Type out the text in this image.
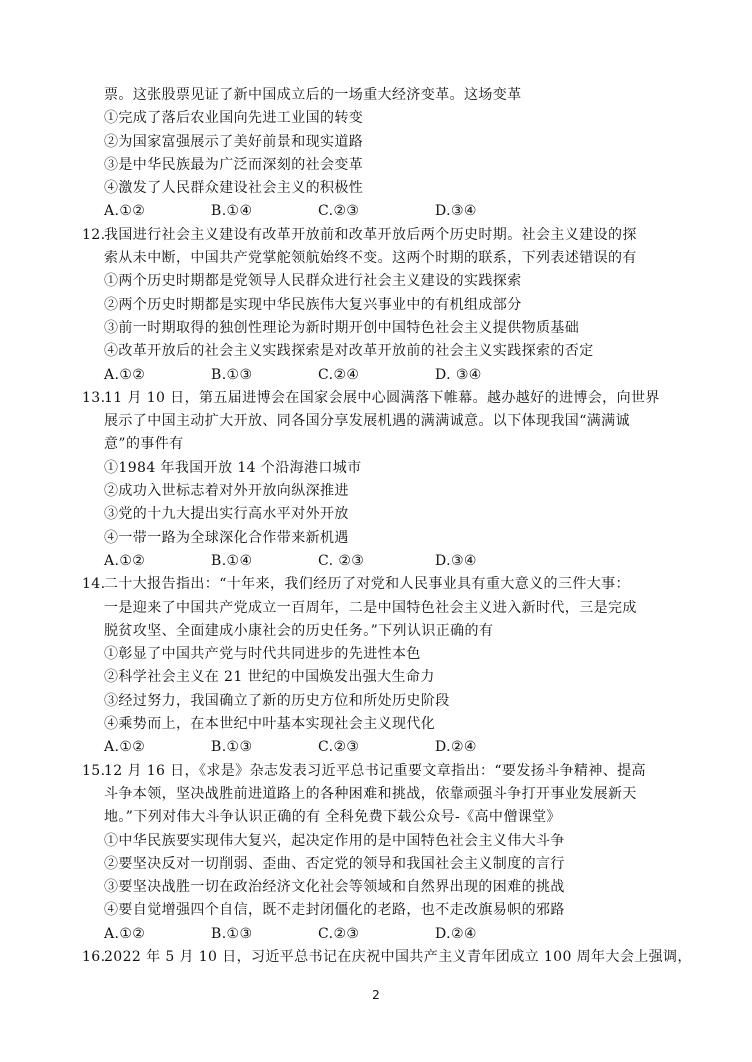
票。这张股票见证了新中国成立后的一场重大经济变革。这场变革
①完成了落后农业国向先进工业国的转变
②为国家富强展示了美好前景和现实道路
③是中华民族最为广泛而深刻的社会变革
④激发了人民群众建设社会主义的积极性
A.①②	B.①④	C.②③	D.③④
12.我国进行社会主义建设有改革开放前和改革开放后两个历史时期。社会主义建设的探
索从未中断，中国共产党掌舵领航始终不变。这两个时期的联系，下列表述错误的有
①两个历史时期都是党领导人民群众进行社会主义建设的实践探索
②两个历史时期都是实现中华民族伟大复兴事业中的有机组成部分
③前一时期取得的独创性理论为新时期开创中国特色社会主义提供物质基础
④改革开放后的社会主义实践探索是对改革开放前的社会主义实践探索的否定
A.①②	B.①③	C.②④	D. ③④
13.11 月 10 日，第五届进博会在国家会展中心圆满落下帷幕。越办越好的进博会，向世界
展示了中国主动扩大开放、同各国分享发展机遇的满满诚意。以下体现我国“满满诚
意”的事件有
①1984 年我国开放 14 个沿海港口城市
②成功入世标志着对外开放向纵深推进
③党的十九大提出实行高水平对外开放
④一带一路为全球深化合作带来新机遇
A.①②	B.①④	C. ②③	D.③④
14.二十大报告指出：“十年来，我们经历了对党和人民事业具有重大意义的三件大事：
一是迎来了中国共产党成立一百周年，二是中国特色社会主义进入新时代，三是完成
脱贫攻坚、全面建成小康社会的历史任务。”下列认识正确的有
①彰显了中国共产党与时代共同进步的先进性本色
②科学社会主义在 21 世纪的中国焕发出强大生命力
③经过努力，我国确立了新的历史方位和所处历史阶段
④乘势而上，在本世纪中叶基本实现社会主义现代化
A.①②	B.①③	C.②③	D.②④
15.12 月 16 日，《求是》杂志发表习近平总书记重要文章指出：“要发扬斗争精神、提高
斗争本领，坚决战胜前进道路上的各种困难和挑战，依靠顽强斗争打开事业发展新天
地。”下列对伟大斗争认识正确的有 全科免费下载公众号-《高中僧课堂》
①中华民族要实现伟大复兴，起决定作用的是中国特色社会主义伟大斗争
②要坚决反对一切削弱、歪曲、否定党的领导和我国社会主义制度的言行
③要坚决战胜一切在政治经济文化社会等领域和自然界出现的困难的挑战
④要自觉增强四个自信，既不走封闭僵化的老路，也不走改旗易帜的邪路
A.①②	B.①③	C.②③	D.②④
16.2022 年 5 月 10 日，习近平总书记在庆祝中国共产主义青年团成立 100 周年大会上强调，
2
